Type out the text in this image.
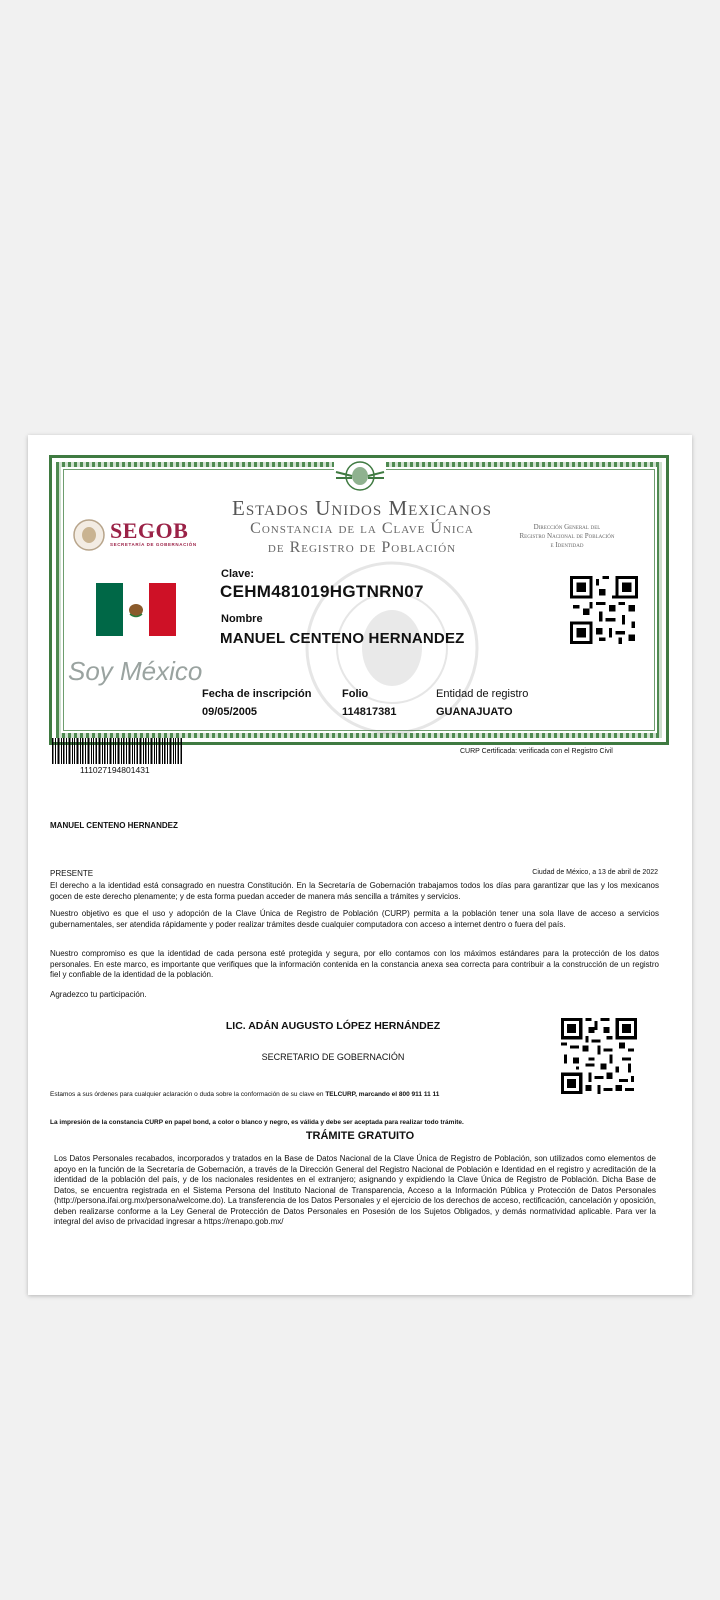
Estados Unidos Mexicanos
Constancia de la Clave Única
de Registro de Población
Dirección General del
Registro Nacional de Población
e Identidad
SEGOB
SECRETARÍA DE GOBERNACIÓN
Clave:
CEHM481019HGTNRN07
Nombre
MANUEL CENTENO HERNANDEZ
Soy México
Fecha de inscripción
09/05/2005
Folio
114817381
Entidad de registro
GUANAJUATO
111027194801431
CURP Certificada: verificada con el Registro Civil
MANUEL CENTENO HERNANDEZ
PRESENTE	Ciudad de México, a 13 de abril de 2022
El derecho a la identidad está consagrado en nuestra Constitución. En la Secretaría de Gobernación trabajamos todos los días para garantizar que las y los mexicanos gocen de este derecho plenamente; y de esta forma puedan acceder de manera más sencilla a trámites y servicios.
Nuestro objetivo es que el uso y adopción de la Clave Única de Registro de Población (CURP) permita a la población tener una sola llave de acceso a servicios gubernamentales, ser atendida rápidamente y poder realizar trámites desde cualquier computadora con acceso a internet dentro o fuera del país.
Nuestro compromiso es que la identidad de cada persona esté protegida y segura, por ello contamos con los máximos estándares para la protección de los datos personales. En este marco, es importante que verifiques que la información contenida en la constancia anexa sea correcta para contribuir a la construcción de un registro fiel y confiable de la identidad de la población.
Agradezco tu participación.
LIC. ADÁN AUGUSTO LÓPEZ HERNÁNDEZ
SECRETARIO DE GOBERNACIÓN
Estamos a sus órdenes para cualquier aclaración o duda sobre la conformación de su clave en TELCURP, marcando el 800 911 11 11
La impresión de la constancia CURP en papel bond, a color o blanco y negro, es válida y debe ser aceptada para realizar todo trámite.
TRÁMITE GRATUITO
Los Datos Personales recabados, incorporados y tratados en la Base de Datos Nacional de la Clave Única de Registro de Población, son utilizados como elementos de apoyo en la función de la Secretaría de Gobernación, a través de la Dirección General del Registro Nacional de Población e Identidad en el registro y acreditación de la identidad de la población del país, y de los nacionales residentes en el extranjero; asignando y expidiendo la Clave Única de Registro de Población. Dicha Base de Datos, se encuentra registrada en el Sistema Persona del Instituto Nacional de Transparencia, Acceso a la Información Pública y Protección de Datos Personales (http://persona.ifai.org.mx/persona/welcome.do). La transferencia de los Datos Personales y el ejercicio de los derechos de acceso, rectificación, cancelación y oposición, deben realizarse conforme a la Ley General de Protección de Datos Personales en Posesión de los Sujetos Obligados, y demás normatividad aplicable. Para ver la integral del aviso de privacidad ingresar a https://renapo.gob.mx/
